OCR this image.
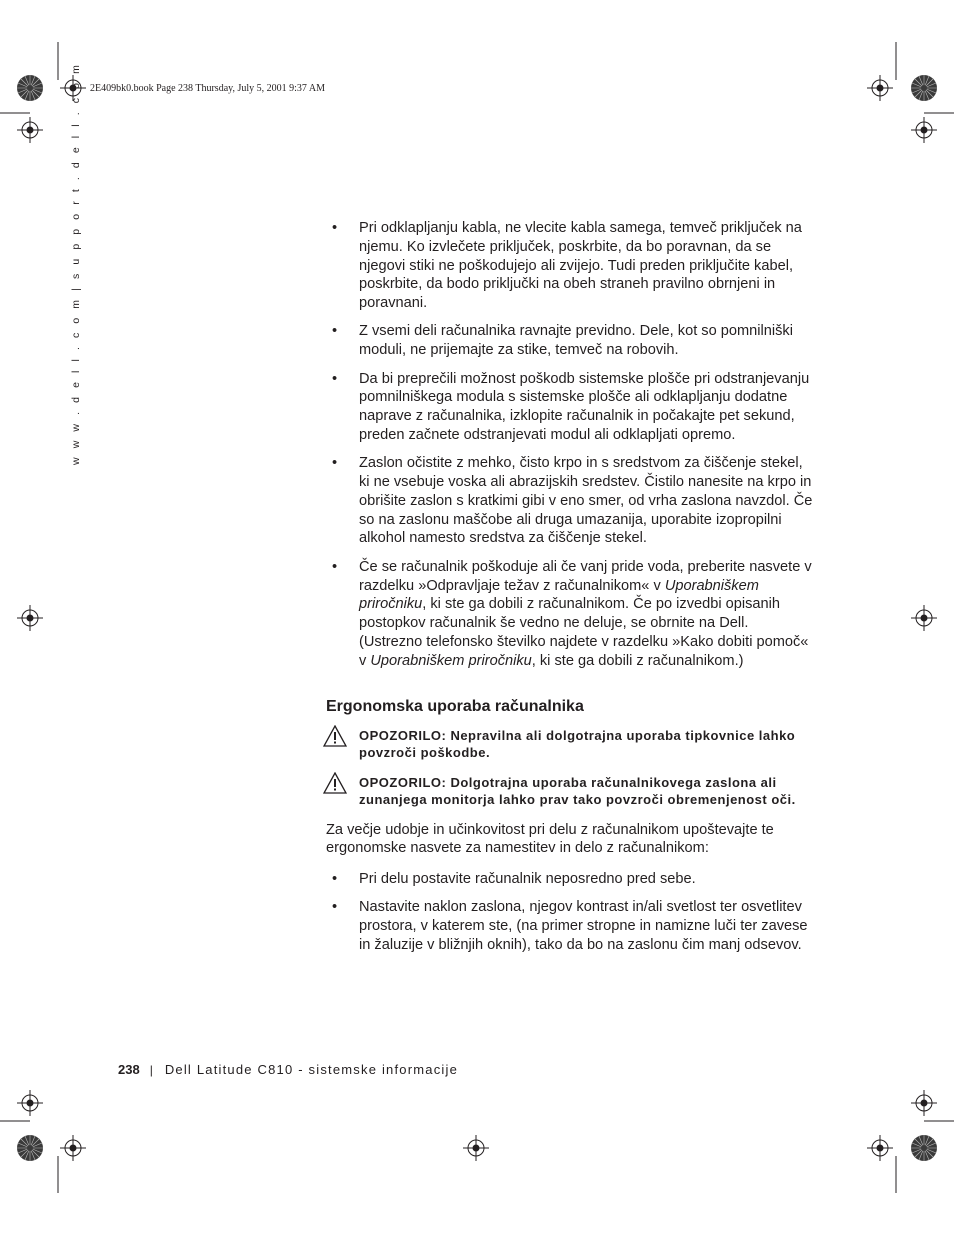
2E409bk0.book Page 238 Thursday, July 5, 2001 9:37 AM
w w w . d e l l . c o m | s u p p o r t . d e l l . c o m	• Pri odklapljanju kabla, ne vlecite kabla samega, temveč priključek na njemu. Ko izvlečete priključek, poskrbite, da bo poravnan, da se njegovi stiki ne poškodujejo ali zvijejo. Tudi preden priključite kabel, poskrbite, da bodo priključki na obeh straneh pravilno obrnjeni in poravnani.
• Z vsemi deli računalnika ravnajte previdno. Dele, kot so pomnilniški moduli, ne prijemajte za stike, temveč na robovih.
• Da bi preprečili možnost poškodb sistemske plošče pri odstranjevanju pomnilniškega modula s sistemske plošče ali odklapljanju dodatne naprave z računalnika, izklopite računalnik in počakajte pet sekund, preden začnete odstranjevati modul ali odklapljati opremo.
• Zaslon očistite z mehko, čisto krpo in s sredstvom za čiščenje stekel, ki ne vsebuje voska ali abrazijskih sredstev. Čistilo nanesite na krpo in obrišite zaslon s kratkimi gibi v eno smer, od vrha zaslona navzdol. Če so na zaslonu maščobe ali druga umazanija, uporabite izopropilni alkohol namesto sredstva za čiščenje stekel.
• Če se računalnik poškoduje ali če vanj pride voda, preberite nasvete v razdelku »Odpravljaje težav z računalnikom« v Uporabniškem priročniku, ki ste ga dobili z računalnikom. Če po izvedbi opisanih postopkov računalnik še vedno ne deluje, se obrnite na Dell. (Ustrezno telefonsko številko najdete v razdelku »Kako dobiti pomoč« v Uporabniškem priročniku, ki ste ga dobili z računalnikom.)
Ergonomska uporaba računalnika
OPOZORILO: Nepravilna ali dolgotrajna uporaba tipkovnice lahko povzroči poškodbe.
OPOZORILO: Dolgotrajna uporaba računalnikovega zaslona ali zunanjega monitorja lahko prav tako povzroči obremenjenost oči.
Za večje udobje in učinkovitost pri delu z računalnikom upoštevajte te ergonomske nasvete za namestitev in delo z računalnikom:
• Pri delu postavite računalnik neposredno pred sebe.
• Nastavite naklon zaslona, njegov kontrast in/ali svetlost ter osvetlitev prostora, v katerem ste, (na primer stropne in namizne luči ter zavese in žaluzije v bližnjih oknih), tako da bo na zaslonu čim manj odsevov.
238 | Dell Latitude C810 - sistemske informacije
